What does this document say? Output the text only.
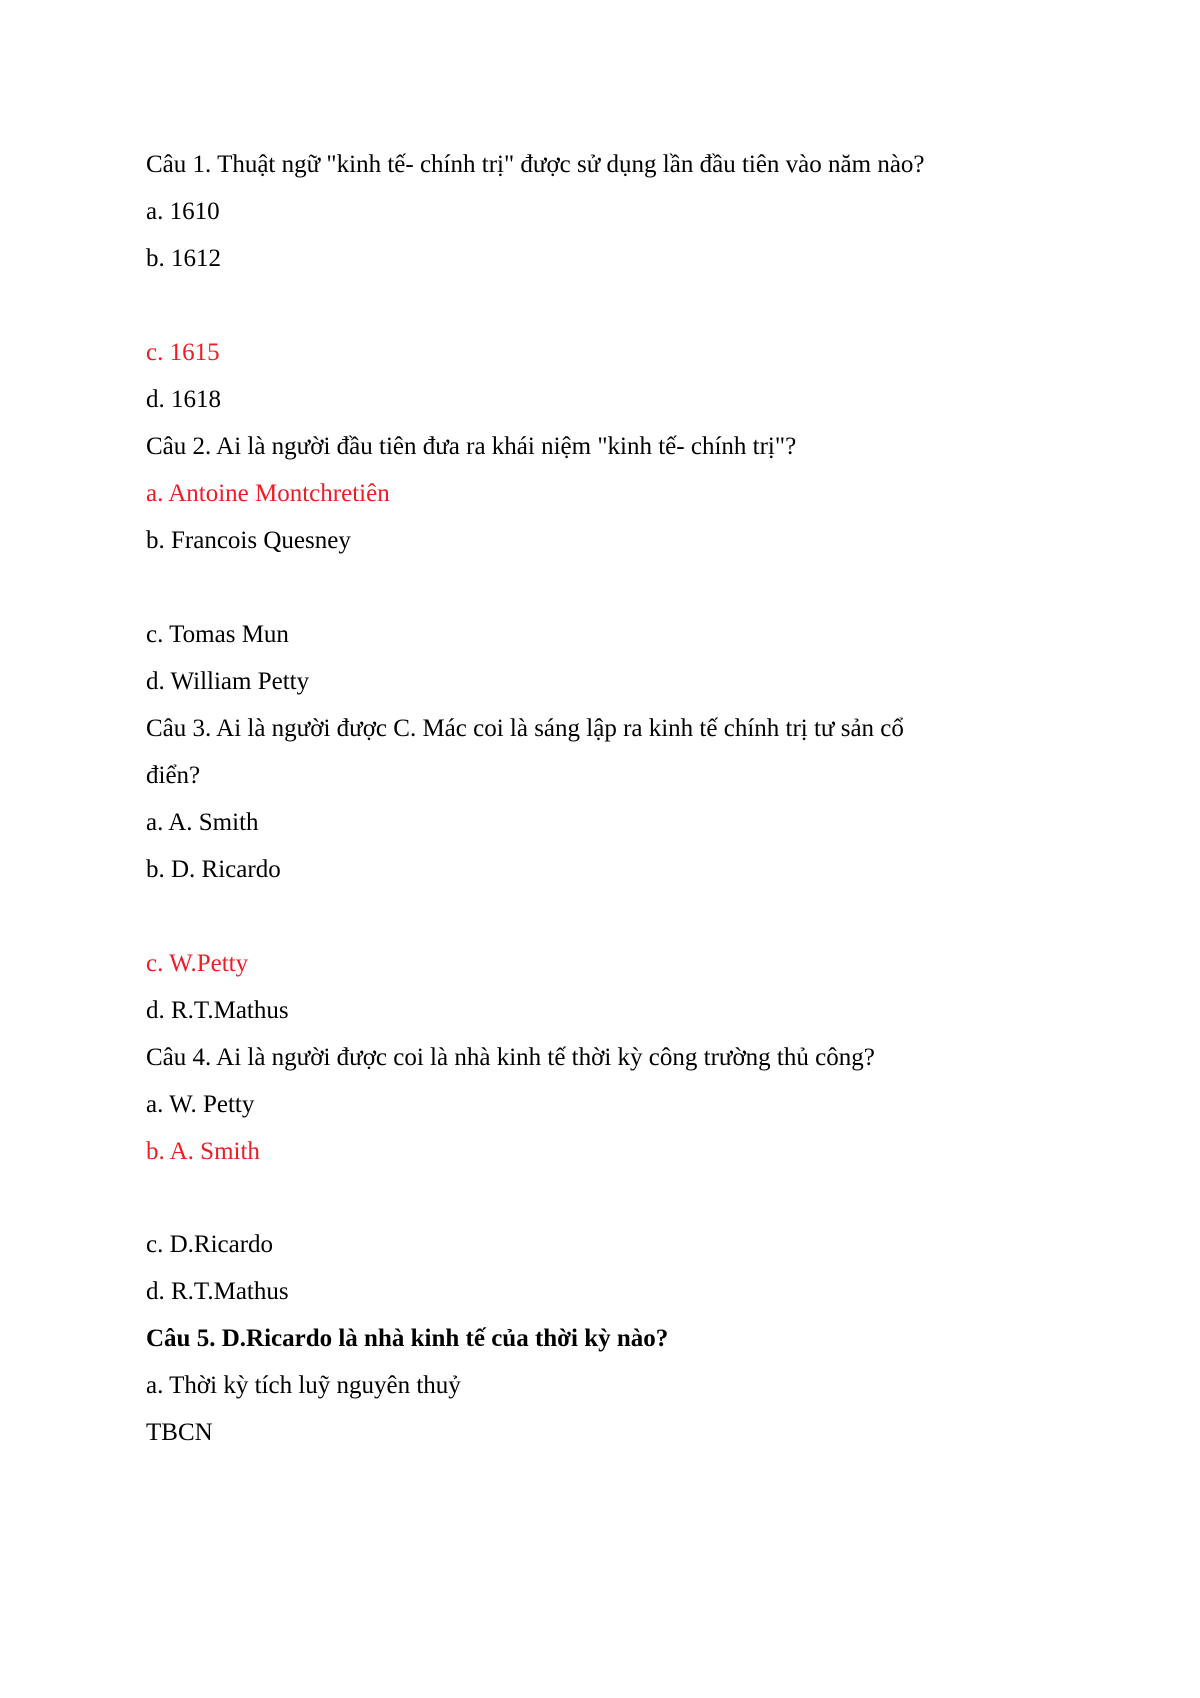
Câu 1. Thuật ngữ "kinh tế- chính trị" được sử dụng lần đầu tiên vào năm nào?
a. 1610
b. 1612
c. 1615
d. 1618
Câu 2. Ai là người đầu tiên đưa ra khái niệm "kinh tế- chính trị"?
a. Antoine Montchretiên
b. Francois Quesney
c. Tomas Mun
d. William Petty
Câu 3. Ai là người được C. Mác coi là sáng lập ra kinh tế chính trị tư sản cổ
điển?
a. A. Smith
b. D. Ricardo
c. W.Petty
d. R.T.Mathus
Câu 4. Ai là người được coi là nhà kinh tế thời kỳ công trường thủ công?
a. W. Petty
b. A. Smith
c. D.Ricardo
d. R.T.Mathus
Câu 5. D.Ricardo là nhà kinh tế của thời kỳ nào?
a. Thời kỳ tích luỹ nguyên thuỷ
TBCN
